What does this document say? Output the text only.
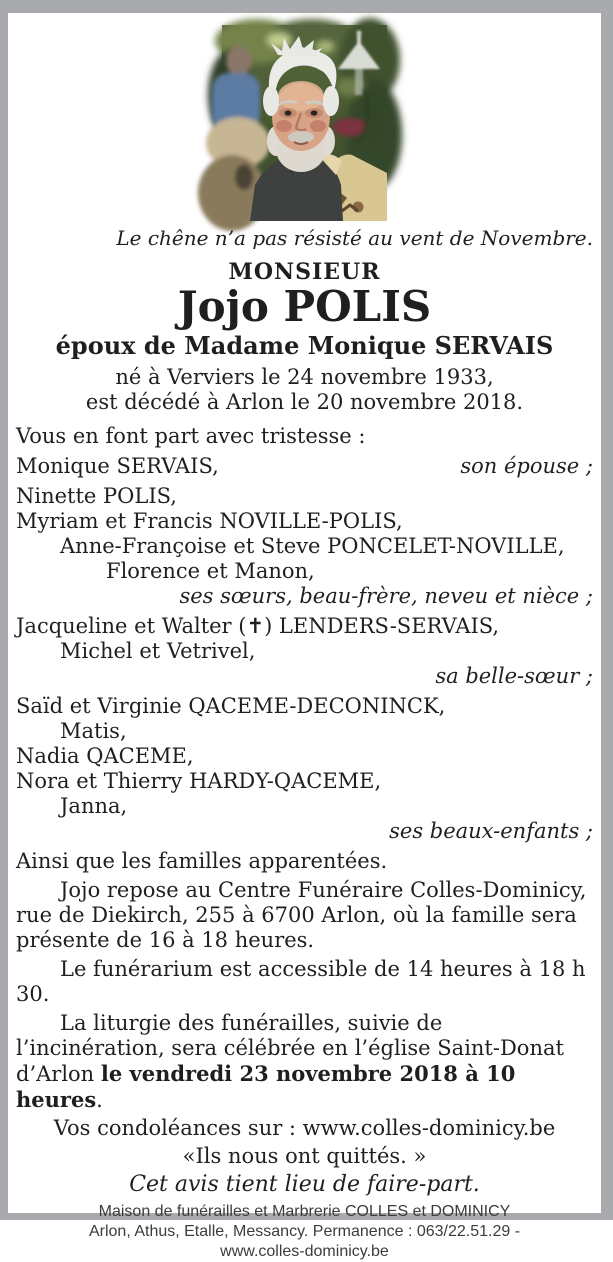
Le chêne n’a pas résisté au vent de Novembre.
MONSIEUR
Jojo POLIS
époux de Madame Monique SERVAIS
né à Verviers le 24 novembre 1933,
est décédé à Arlon le 20 novembre 2018.
Vous en font part avec tristesse :
Monique SERVAIS,	son épouse ;
Ninette POLIS,
Myriam et Francis NOVILLE-POLIS,
Anne-Françoise et Steve PONCELET-NOVILLE,
Florence et Manon,
ses sœurs, beau-frère, neveu et nièce ;
Jacqueline et Walter (✝) LENDERS-SERVAIS,
Michel et Vetrivel,
sa belle-sœur ;
Saïd et Virginie QACEME-DECONINCK,
Matis,
Nadia QACEME,
Nora et Thierry HARDY-QACEME,
Janna,
ses beaux-enfants ;
Ainsi que les familles apparentées.

Jojo repose au Centre Funéraire Colles-Dominicy, rue de Diekirch, 255 à 6700 Arlon, où la famille sera présente de 16 à 18 heures.

Le funérarium est accessible de 14 heures à 18 h 30.

La liturgie des funérailles, suivie de l’incinération, sera célébrée en l’église Saint-Donat d’Arlon le vendredi 23 novembre 2018 à 10 heures.

Vos condoléances sur : www.colles-dominicy.be
«Ils nous ont quittés. »
Cet avis tient lieu de faire-part.
Maison de funérailles et Marbrerie COLLES et DOMINICY
Arlon, Athus, Etalle, Messancy. Permanence : 063/22.51.29 -
www.colles-dominicy.be
